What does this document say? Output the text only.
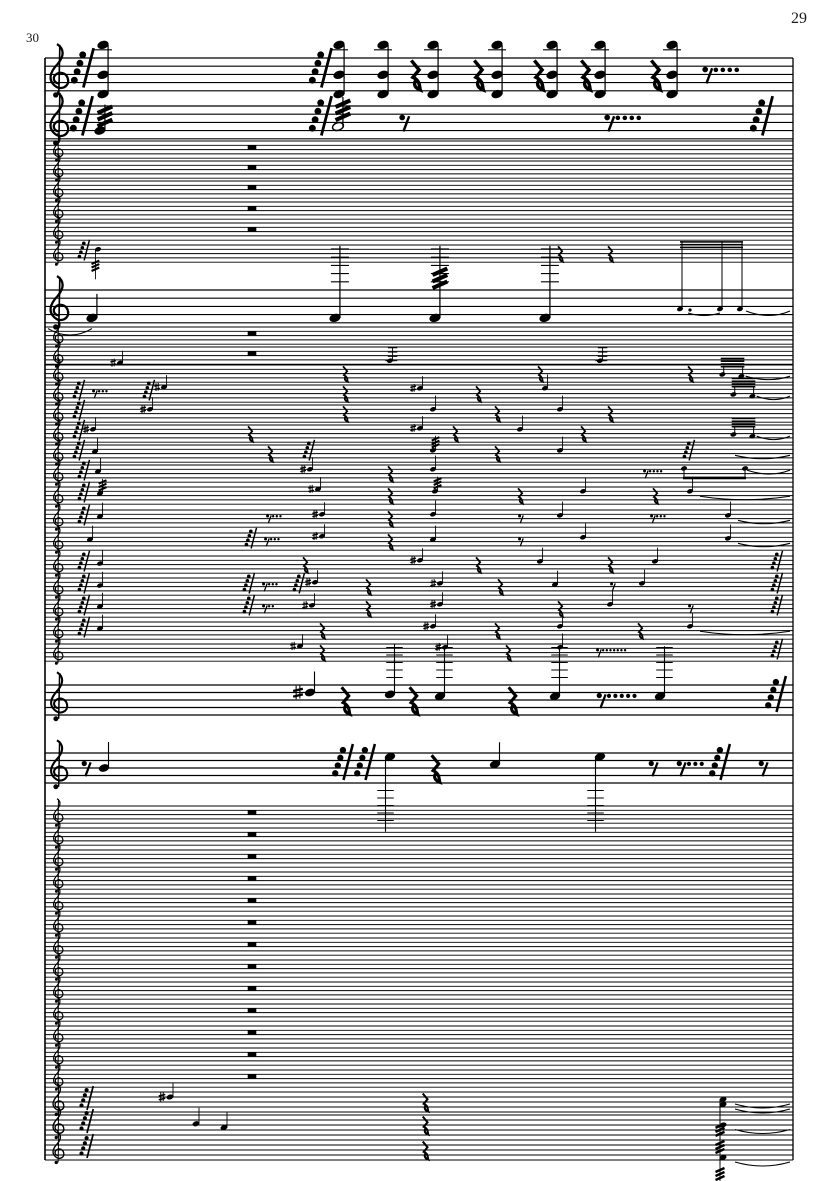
29
30
